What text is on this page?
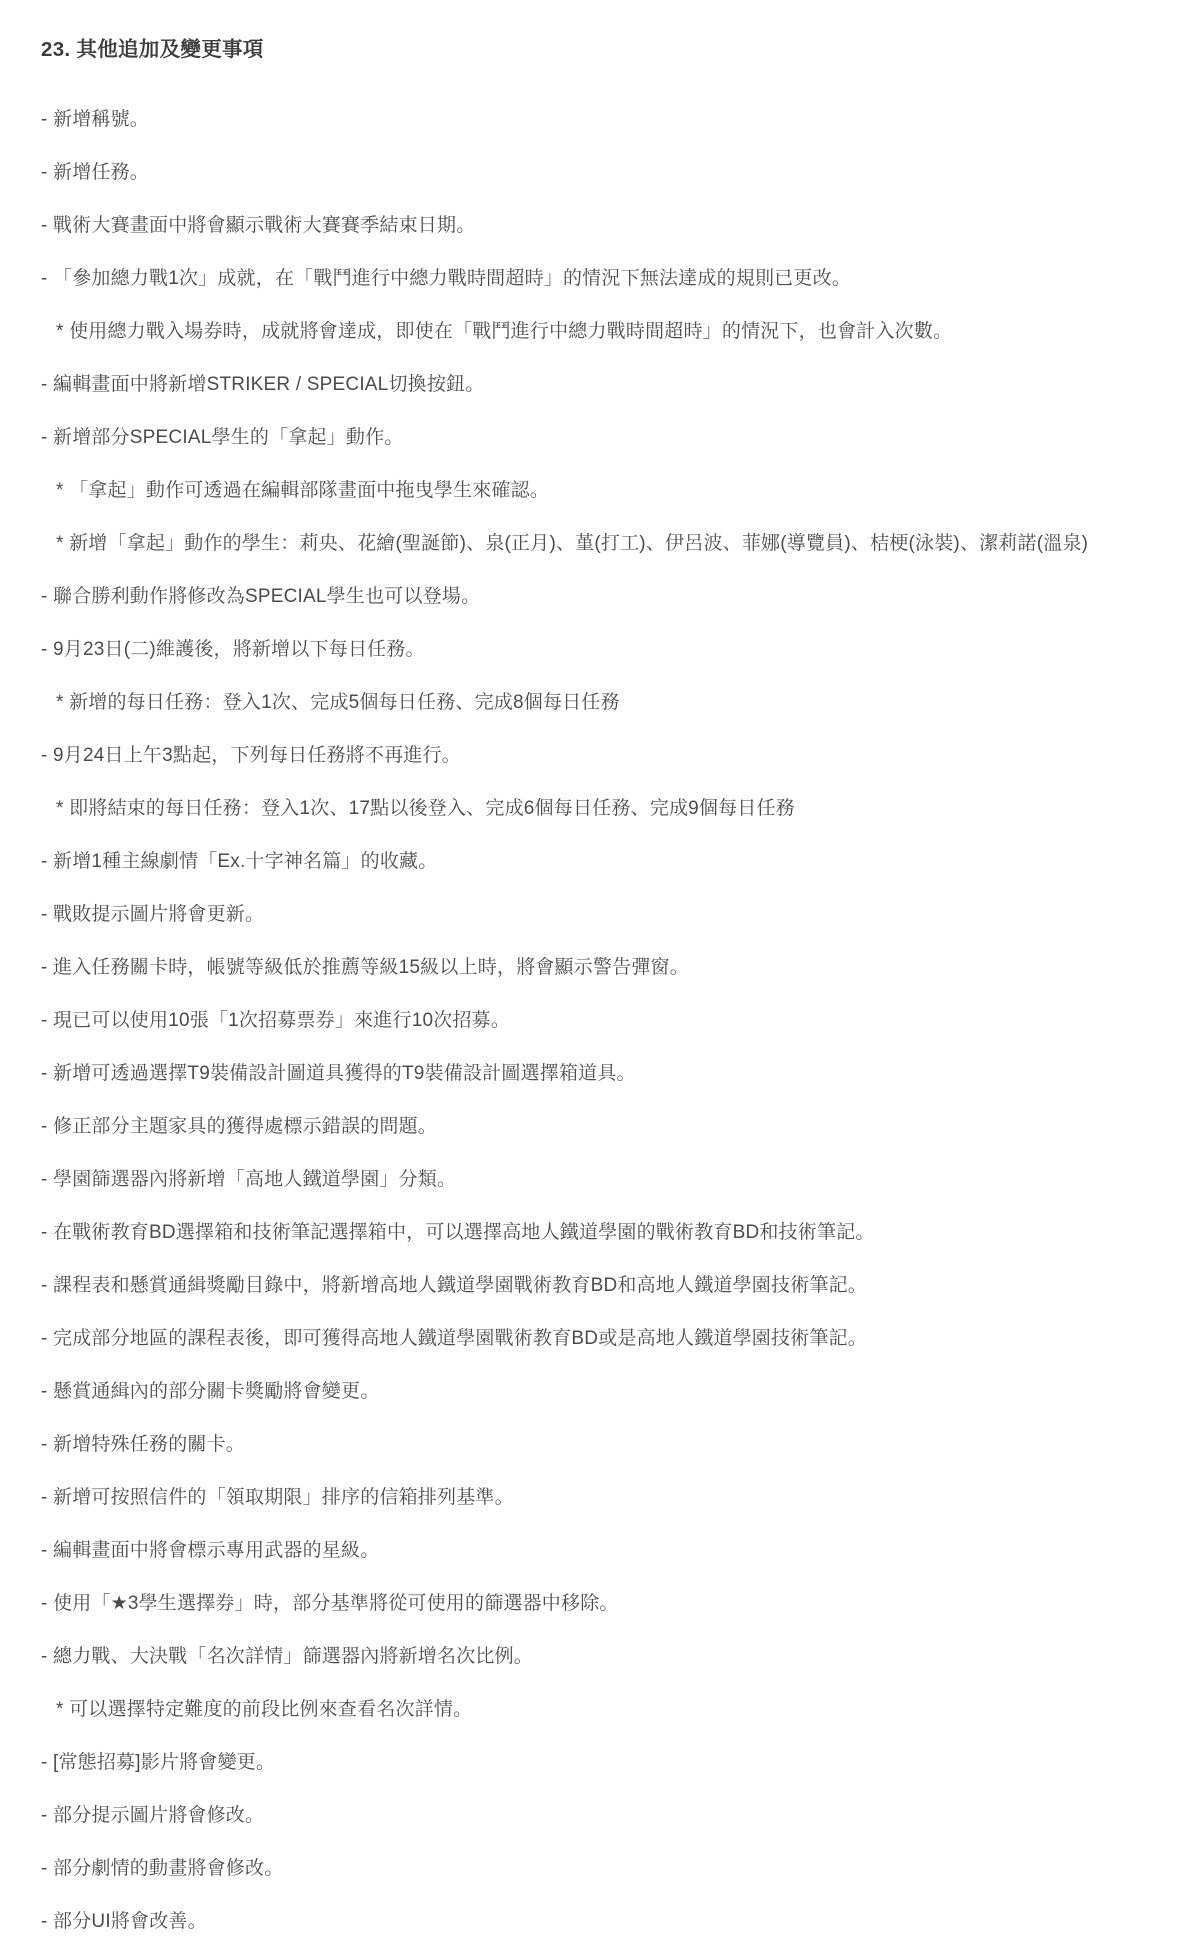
23. 其他追加及變更事項
- 新增稱號。
- 新增任務。
- 戰術大賽畫面中將會顯示戰術大賽賽季結束日期。
- 「參加總力戰1次」成就，在「戰鬥進行中總力戰時間超時」的情況下無法達成的規則已更改。
* 使用總力戰入場券時，成就將會達成，即使在「戰鬥進行中總力戰時間超時」的情況下，也會計入次數。
- 編輯畫面中將新增STRIKER / SPECIAL切換按鈕。
- 新增部分SPECIAL學生的「拿起」動作。
* 「拿起」動作可透過在編輯部隊畫面中拖曳學生來確認。
* 新增「拿起」動作的學生：莉央、花繪(聖誕節)、泉(正月)、堇(打工)、伊呂波、菲娜(導覽員)、桔梗(泳裝)、潔莉諾(溫泉)
- 聯合勝利動作將修改為SPECIAL學生也可以登場。
- 9月23日(二)維護後，將新增以下每日任務。
* 新增的每日任務：登入1次、完成5個每日任務、完成8個每日任務
- 9月24日上午3點起，下列每日任務將不再進行。
* 即將結束的每日任務：登入1次、17點以後登入、完成6個每日任務、完成9個每日任務
- 新增1種主線劇情「Ex.十字神名篇」的收藏。
- 戰敗提示圖片將會更新。
- 進入任務關卡時，帳號等級低於推薦等級15級以上時，將會顯示警告彈窗。
- 現已可以使用10張「1次招募票券」來進行10次招募。
- 新增可透過選擇T9裝備設計圖道具獲得的T9裝備設計圖選擇箱道具。
- 修正部分主題家具的獲得處標示錯誤的問題。
- 學園篩選器內將新增「高地人鐵道學園」分類。
- 在戰術教育BD選擇箱和技術筆記選擇箱中，可以選擇高地人鐵道學園的戰術教育BD和技術筆記。
- 課程表和懸賞通緝獎勵目錄中，將新增高地人鐵道學園戰術教育BD和高地人鐵道學園技術筆記。
- 完成部分地區的課程表後，即可獲得高地人鐵道學園戰術教育BD或是高地人鐵道學園技術筆記。
- 懸賞通緝內的部分關卡獎勵將會變更。
- 新增特殊任務的關卡。
- 新增可按照信件的「領取期限」排序的信箱排列基準。
- 編輯畫面中將會標示專用武器的星級。
- 使用「★3學生選擇券」時，部分基準將從可使用的篩選器中移除。
- 總力戰、大決戰「名次詳情」篩選器內將新增名次比例。
* 可以選擇特定難度的前段比例來查看名次詳情。
- [常態招募]影片將會變更。
- 部分提示圖片將會修改。
- 部分劇情的動畫將會修改。
- 部分UI將會改善。
